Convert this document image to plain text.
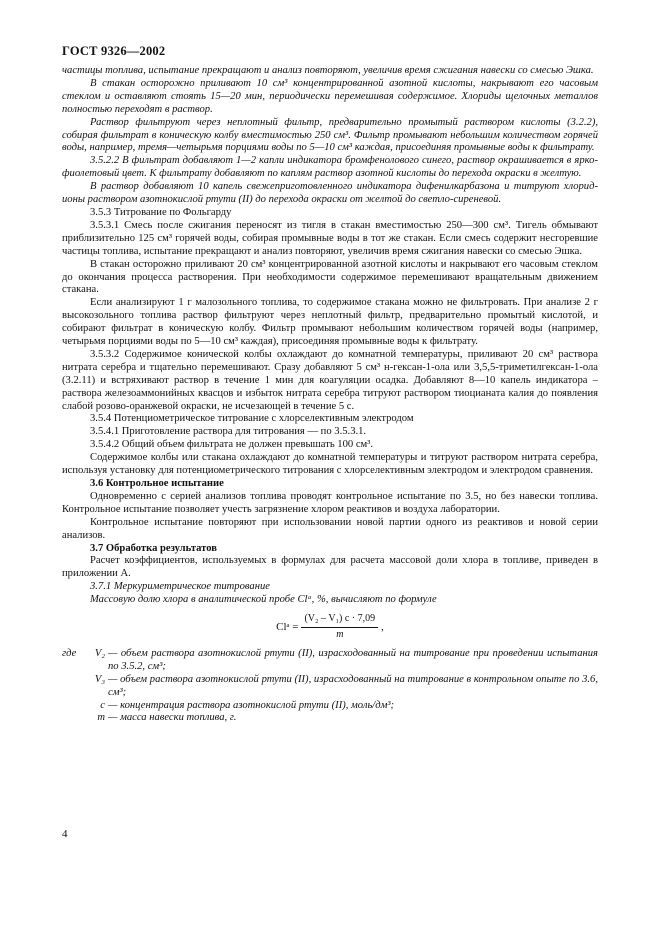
ГОСТ 9326—2002

частицы топлива, испытание прекращают и анализ повторяют, увеличив время сжигания навески со смесью Эшка.

В стакан осторожно приливают 10 см³ концентрированной азотной кислоты, накрывают его часовым стеклом и оставляют стоять 15—20 мин, периодически перемешивая содержимое. Хлориды щелочных металлов полностью переходят в раствор.

Раствор фильтруют через неплотный фильтр, предварительно промытый раствором кислоты (3.2.2), собирая фильтрат в коническую колбу вместимостью 250 см³. Фильтр промывают небольшим количеством горячей воды, например, тремя—четырьмя порциями воды по 5—10 см³ каждая, присоединяя промывные воды к фильтрату.

3.5.2.2 В фильтрат добавляют 1—2 капли индикатора бромфенолового синего, раствор окрашивается в ярко-фиолетовый цвет. К фильтрату добавляют по каплям раствор азотной кислоты до перехода окраски в желтую.

В раствор добавляют 10 капель свежеприготовленного индикатора дифенилкарбазона и титруют хлорид-ионы раствором азотнокислой ртути (II) до перехода окраски от желтой до светло-сиреневой.

3.5.3 Титрование по Фольгарду

3.5.3.1 Смесь после сжигания переносят из тигля в стакан вместимостью 250—300 см³. Тигель обмывают приблизительно 125 см³ горячей воды, собирая промывные воды в тот же стакан. Если смесь содержит несгоревшие частицы топлива, испытание прекращают и анализ повторяют, увеличив время сжигания навески со смесью Эшка.

В стакан осторожно приливают 20 см³ концентрированной азотной кислоты и накрывают его часовым стеклом до окончания процесса растворения. При необходимости содержимое перемешивают вращательным движением стакана.

Если анализируют 1 г малозольного топлива, то содержимое стакана можно не фильтровать. При анализе 2 г высокозольного топлива раствор фильтруют через неплотный фильтр, предварительно промытый кислотой, и собирают фильтрат в коническую колбу. Фильтр промывают небольшим количеством горячей воды (например, четырьмя порциями воды по 5—10 см³ каждая), присоединяя промывные воды к фильтрату.

3.5.3.2 Содержимое конической колбы охлаждают до комнатной температуры, приливают 20 см³ раствора нитрата серебра и тщательно перемешивают. Сразу добавляют 5 см³ н-гексан-1-ола или 3,5,5-триметилгексан-1-ола (3.2.11) и встряхивают раствор в течение 1 мин для коагуляции осадка. Добавляют 8—10 капель индикатора – раствора железоаммонийных квасцов и избыток нитрата серебра титруют раствором тиоцианата калия до появления слабой розово-оранжевой окраски, не исчезающей в течение 5 с.

3.5.4 Потенциометрическое титрование с хлорселективным электродом

3.5.4.1 Приготовление раствора для титрования — по 3.5.3.1.

3.5.4.2 Общий объем фильтрата не должен превышать 100 см³.

Содержимое колбы или стакана охлаждают до комнатной температуры и титруют раствором нитрата серебра, используя установку для потенциометрического титрования с хлорселективным электродом и электродом сравнения.

3.6 Контрольное испытание

Одновременно с серией анализов топлива проводят контрольное испытание по 3.5, но без навески топлива. Контрольное испытание позволяет учесть загрязнение хлором реактивов и воздуха лаборатории.

Контрольное испытание повторяют при использовании новой партии одного из реактивов и новой серии анализов.

3.7 Обработка результатов

Расчет коэффициентов, используемых в формулах для расчета массовой доли хлора в топливе, приведен в приложении А.

3.7.1 Меркуриметрическое титрование

Массовую долю хлора в аналитической пробе Clᵃ, %, вычисляют по формуле

Clᵃ = $\frac{\text{(V₂ – V₁) c · 7,09}}{m}$ ,
где	V₂ — объем раствора азотнокислой ртути (II), израсходованный на титрование при проведении испытания по 3.5.2, см³;
V₃ — объем раствора азотнокислой ртути (II), израсходованный на титрование в контрольном опыте по 3.6, см³;
c — концентрация раствора азотнокислой ртути (II), моль/дм³;
m — масса навески топлива, г.
4
